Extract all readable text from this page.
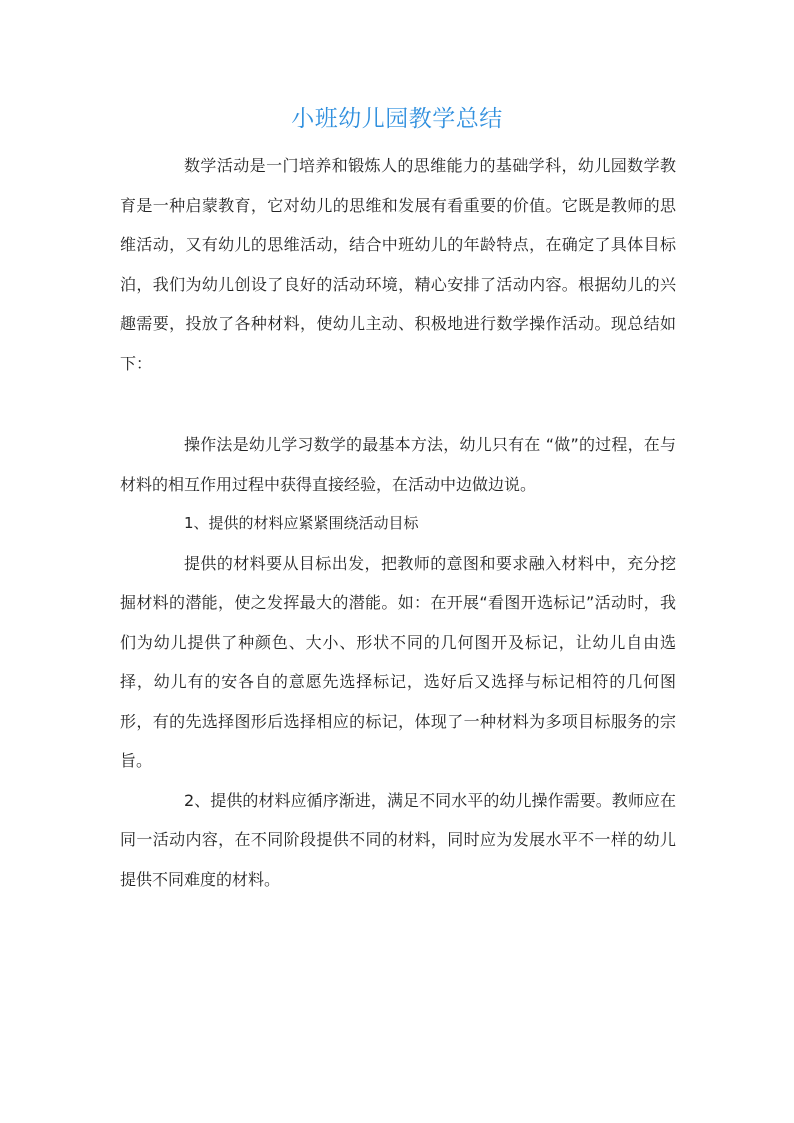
小班幼儿园教学总结

数学活动是一门培养和锻炼人的思维能力的基础学科，幼儿园数学教育是一种启蒙教育，它对幼儿的思维和发展有看重要的价值。它既是教师的思维活动，又有幼儿的思维活动，结合中班幼儿的年龄特点，在确定了具体目标泊，我们为幼儿创设了良好的活动环境，精心安排了活动内容。根据幼儿的兴趣需要，投放了各种材料，使幼儿主动、积极地进行数学操作活动。现总结如下：

操作法是幼儿学习数学的最基本方法，幼儿只有在 “做”的过程，在与材料的相互作用过程中获得直接经验，在活动中边做边说。

1、提供的材料应紧紧围绕活动目标

提供的材料要从目标出发，把教师的意图和要求融入材料中，充分挖掘材料的潜能，使之发挥最大的潜能。如：在开展“看图开选标记”活动时，我们为幼儿提供了种颜色、大小、形状不同的几何图开及标记，让幼儿自由选择，幼儿有的安各自的意愿先选择标记，选好后又选择与标记相符的几何图形，有的先选择图形后选择相应的标记，体现了一种材料为多项目标服务的宗旨。

2、提供的材料应循序渐进，满足不同水平的幼儿操作需要。教师应在同一活动内容，在不同阶段提供不同的材料，同时应为发展水平不一样的幼儿提供不同难度的材料。
